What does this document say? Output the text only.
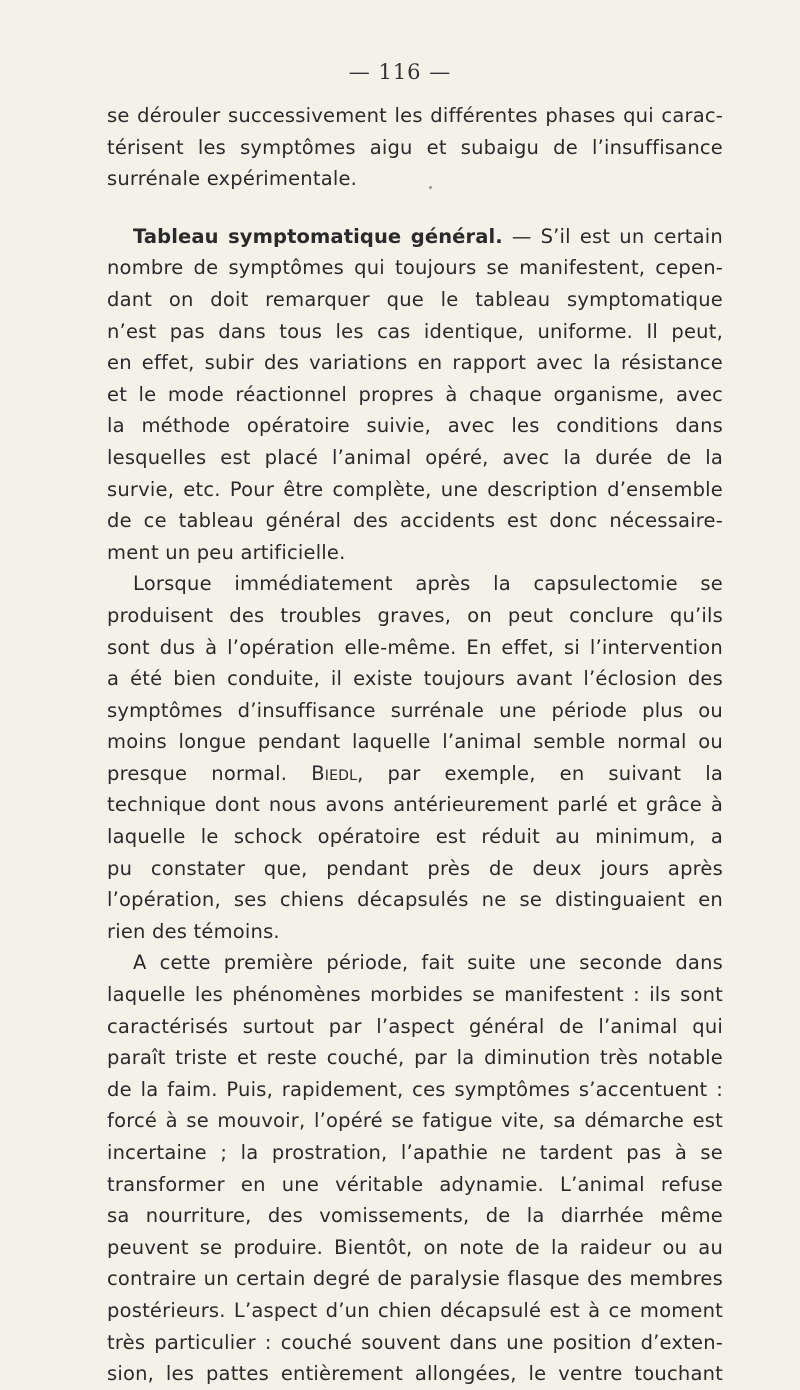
— 116 —
se dérouler successivement les différentes phases qui carac-
térisent les symptômes aigu et subaigu de l’insuffisance
surrénale expérimentale.
Tableau symptomatique général. — S’il est un certain
nombre de symptômes qui toujours se manifestent, cepen-
dant on doit remarquer que le tableau symptomatique
n’est pas dans tous les cas identique, uniforme. Il peut,
en effet, subir des variations en rapport avec la résistance
et le mode réactionnel propres à chaque organisme, avec
la méthode opératoire suivie, avec les conditions dans
lesquelles est placé l’animal opéré, avec la durée de la
survie, etc. Pour être complète, une description d’ensemble
de ce tableau général des accidents est donc nécessaire-
ment un peu artificielle.
Lorsque immédiatement après la capsulectomie se
produisent des troubles graves, on peut conclure qu’ils
sont dus à l’opération elle-même. En effet, si l’intervention
a été bien conduite, il existe toujours avant l’éclosion des
symptômes d’insuffisance surrénale une période plus ou
moins longue pendant laquelle l’animal semble normal ou
presque normal. Biedl, par exemple, en suivant la
technique dont nous avons antérieurement parlé et grâce à
laquelle le schock opératoire est réduit au minimum, a
pu constater que, pendant près de deux jours après
l’opération, ses chiens décapsulés ne se distinguaient en
rien des témoins.
A cette première période, fait suite une seconde dans
laquelle les phénomènes morbides se manifestent : ils sont
caractérisés surtout par l’aspect général de l’animal qui
paraît triste et reste couché, par la diminution très notable
de la faim. Puis, rapidement, ces symptômes s’accentuent :
forcé à se mouvoir, l’opéré se fatigue vite, sa démarche est
incertaine ; la prostration, l’apathie ne tardent pas à se
transformer en une véritable adynamie. L’animal refuse
sa nourriture, des vomissements, de la diarrhée même
peuvent se produire. Bientôt, on note de la raideur ou au
contraire un certain degré de paralysie flasque des membres
postérieurs. L’aspect d’un chien décapsulé est à ce moment
très particulier : couché souvent dans une position d’exten-
sion, les pattes entièrement allongées, le ventre touchant
